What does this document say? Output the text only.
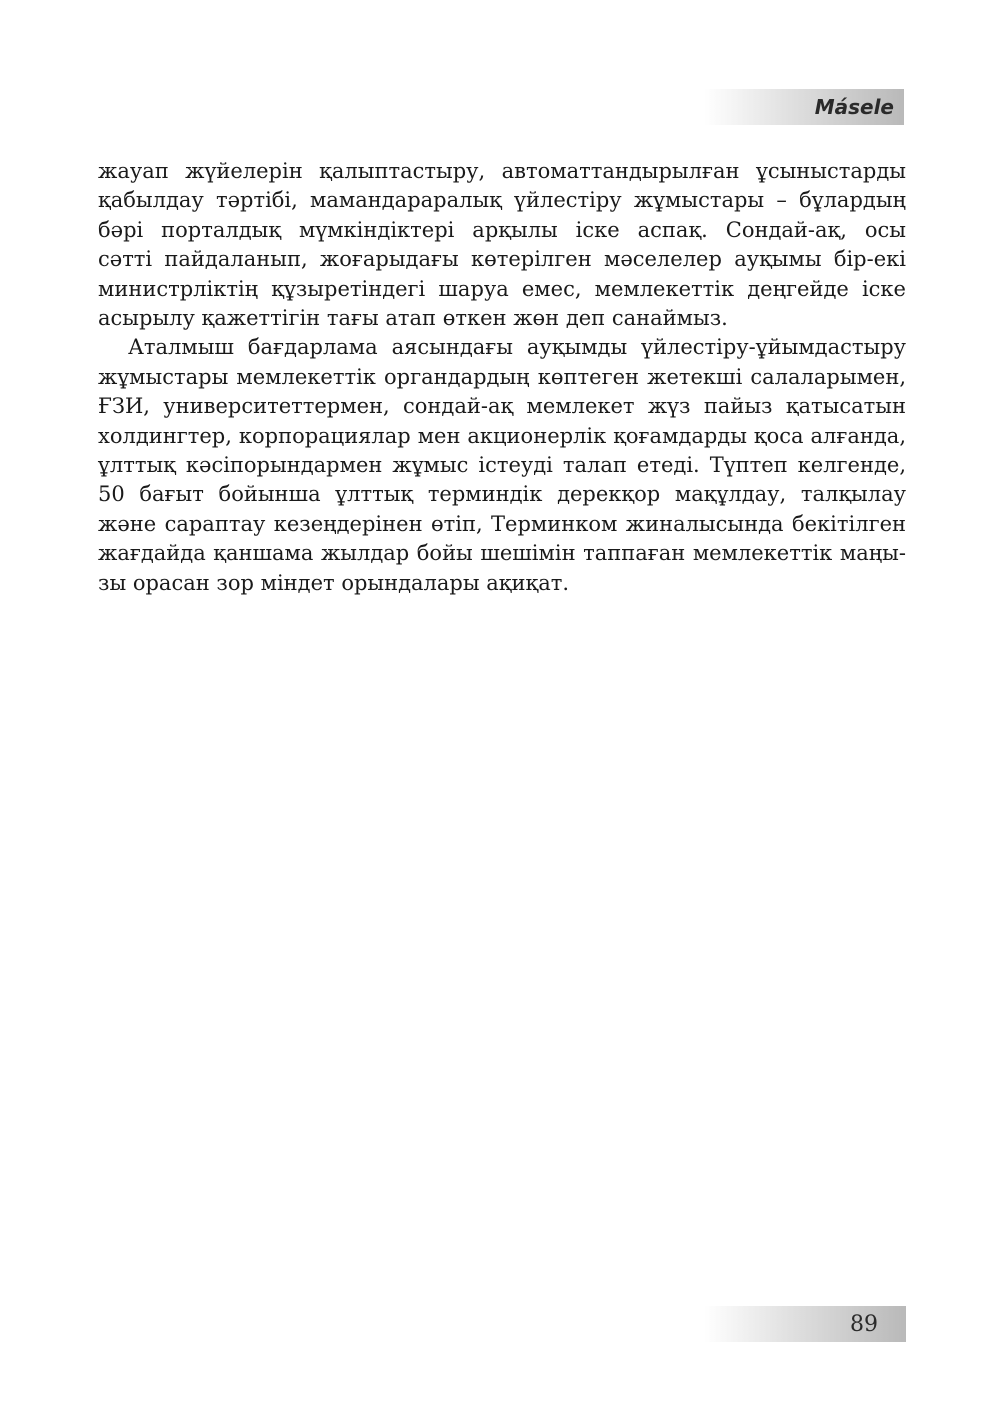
Másele

жауап жүйелерін қалыптастыру, автоматтандырылған ұсыныстарды
қабылдау тәртібі, мамандараралық үйлестіру жұмыстары – бұлардың
бәрі порталдық мүмкіндіктері арқылы іске аспақ. Сондай-ақ, осы
сәтті пайдаланып, жоғарыдағы көтерілген мәселелер ауқымы бір-екі
министрліктің құзыретіндегі шаруа емес, мемлекеттік деңгейде іске
асырылу қажеттігін тағы атап өткен жөн деп санаймыз.

Аталмыш бағдарлама аясындағы ауқымды үйлестіру-ұйымдастыру
жұмыстары мемлекеттік органдардың көптеген жетекші салаларымен,
ҒЗИ, университеттермен, сондай-ақ мемлекет жүз пайыз қатысатын
холдингтер, корпорациялар мен акционерлік қоғамдарды қоса алғанда,
ұлттық кәсіпорындармен жұмыс істеуді талап етеді. Түптеп келгенде,
50 бағыт бойынша ұлттық терминдік дерекқор мақұлдау, талқылау
және сараптау кезеңдерінен өтіп, Терминком жиналысында бекітілген
жағдайда қаншама жылдар бойы шешімін таппаған мемлекеттік маңы-
зы орасан зор міндет орындалары ақиқат.

89
